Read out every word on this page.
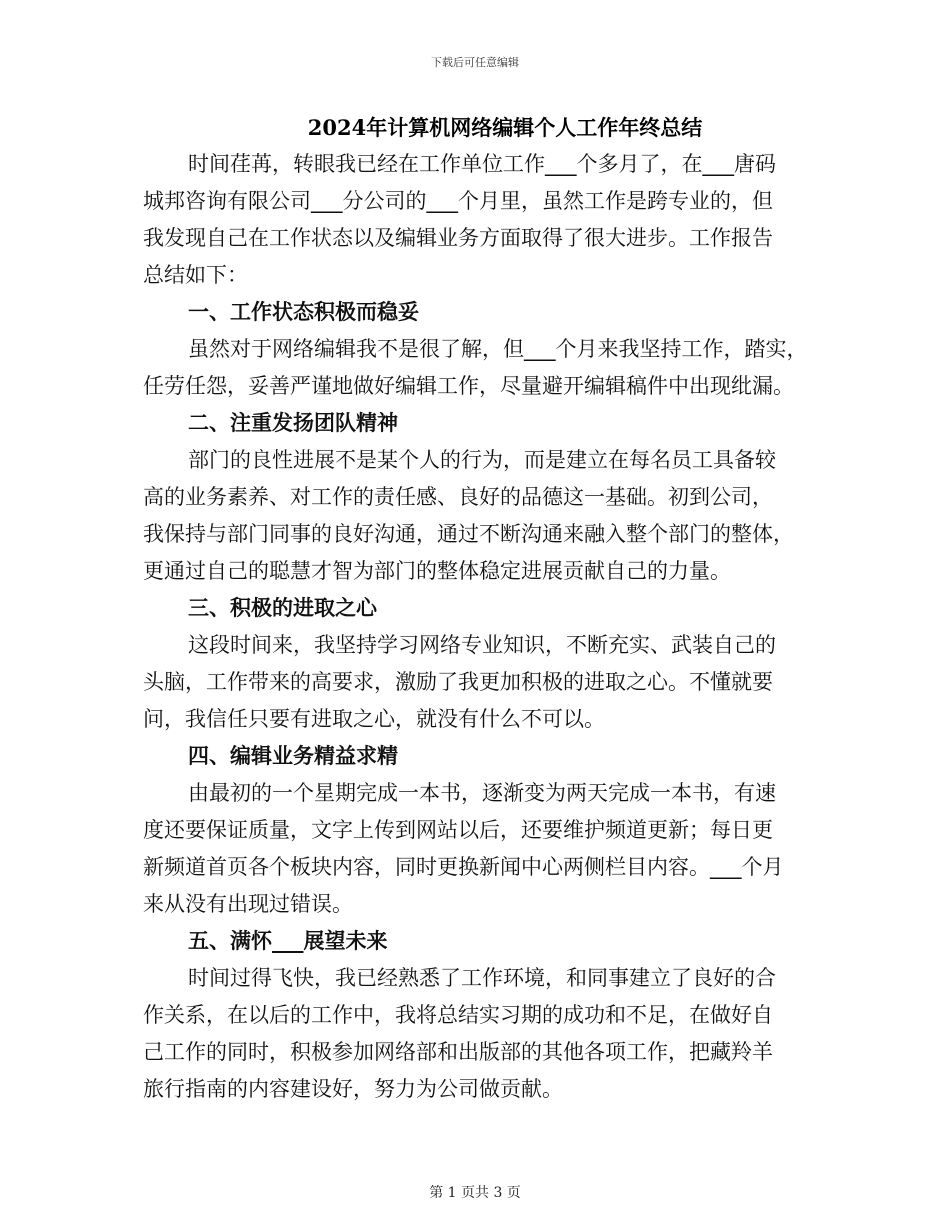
下载后可任意编辑
2024年计算机网络编辑个人工作年终总结
时间荏苒，转眼我已经在工作单位工作___个多月了，在___唐码
城邦咨询有限公司___分公司的___个月里，虽然工作是跨专业的，但
我发现自己在工作状态以及编辑业务方面取得了很大进步。工作报告
总结如下：
一、工作状态积极而稳妥
虽然对于网络编辑我不是很了解，但___个月来我坚持工作，踏实，
任劳任怨，妥善严谨地做好编辑工作，尽量避开编辑稿件中出现纰漏。
二、注重发扬团队精神
部门的良性进展不是某个人的行为，而是建立在每名员工具备较
高的业务素养、对工作的责任感、良好的品德这一基础。初到公司，
我保持与部门同事的良好沟通，通过不断沟通来融入整个部门的整体，
更通过自己的聪慧才智为部门的整体稳定进展贡献自己的力量。
三、积极的进取之心
这段时间来，我坚持学习网络专业知识，不断充实、武装自己的
头脑，工作带来的高要求，激励了我更加积极的进取之心。不懂就要
问，我信任只要有进取之心，就没有什么不可以。
四、编辑业务精益求精
由最初的一个星期完成一本书，逐渐变为两天完成一本书，有速
度还要保证质量，文字上传到网站以后，还要维护频道更新；每日更
新频道首页各个板块内容，同时更换新闻中心两侧栏目内容。___个月
来从没有出现过错误。
五、满怀___展望未来
时间过得飞快，我已经熟悉了工作环境，和同事建立了良好的合
作关系，在以后的工作中，我将总结实习期的成功和不足，在做好自
己工作的同时，积极参加网络部和出版部的其他各项工作，把藏羚羊
旅行指南的内容建设好，努力为公司做贡献。
第 1 页共 3 页
